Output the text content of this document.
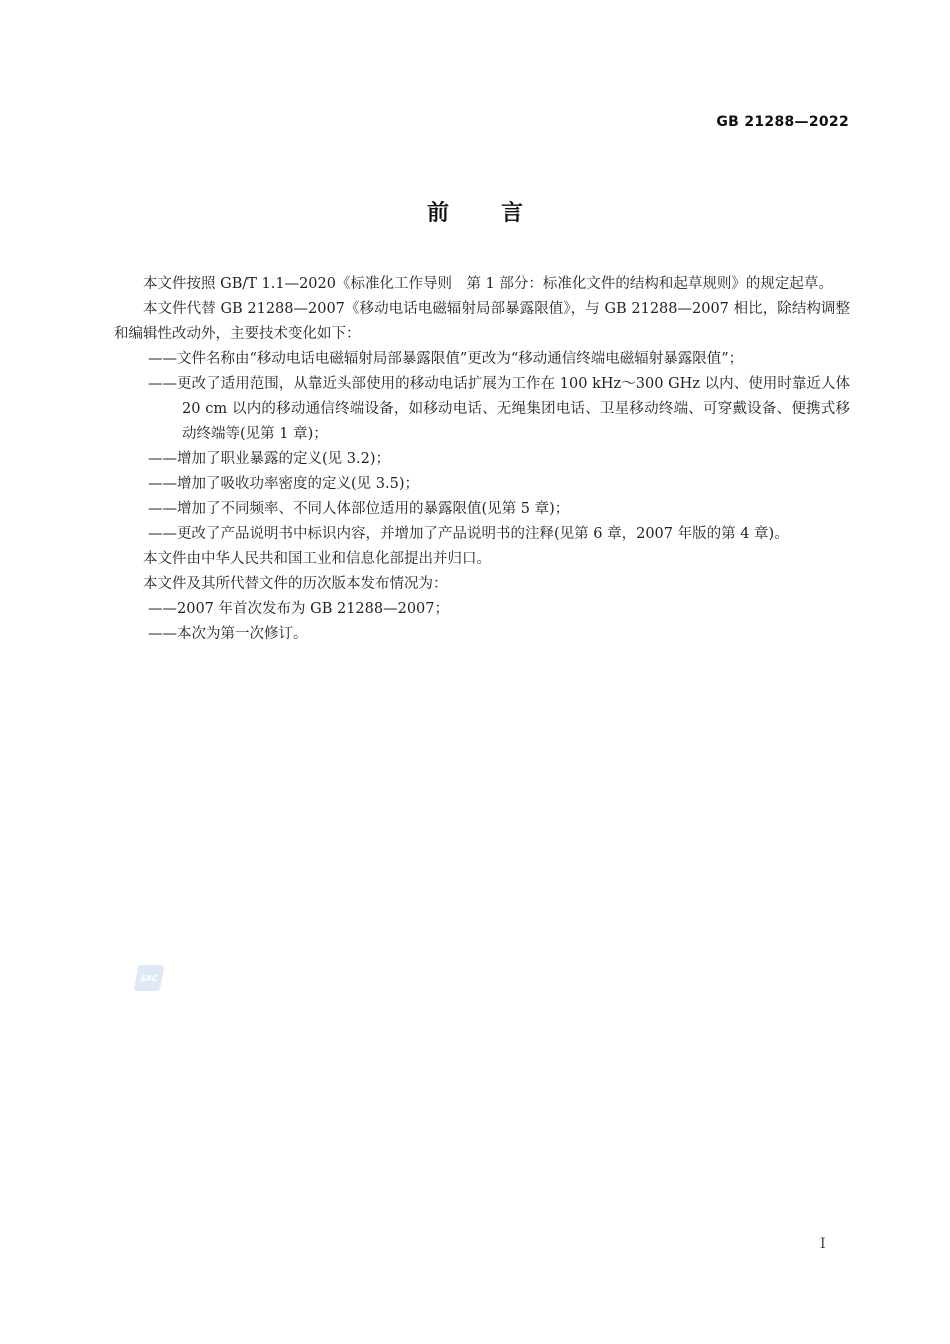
GB 21288—2022
前言

本文件按照 GB/T 1.1—2020《标准化工作导则　第 1 部分：标准化文件的结构和起草规则》的规定起草。

本文件代替 GB 21288—2007《移动电话电磁辐射局部暴露限值》，与 GB 21288—2007 相比，除结构调整和编辑性改动外，主要技术变化如下：

——文件名称由“移动电话电磁辐射局部暴露限值”更改为“移动通信终端电磁辐射暴露限值”；

——更改了适用范围，从靠近头部使用的移动电话扩展为工作在 100 kHz～300 GHz 以内、使用时靠近人体 20 cm 以内的移动通信终端设备，如移动电话、无绳集团电话、卫星移动终端、可穿戴设备、便携式移动终端等(见第 1 章)；

——增加了职业暴露的定义(见 3.2)；

——增加了吸收功率密度的定义(见 3.5)；

——增加了不同频率、不同人体部位适用的暴露限值(见第 5 章)；

——更改了产品说明书中标识内容，并增加了产品说明书的注释(见第 6 章，2007 年版的第 4 章)。

本文件由中华人民共和国工业和信息化部提出并归口。

本文件及其所代替文件的历次版本发布情况为：

——2007 年首次发布为 GB 21288—2007；

——本次为第一次修订。

SAC
I
